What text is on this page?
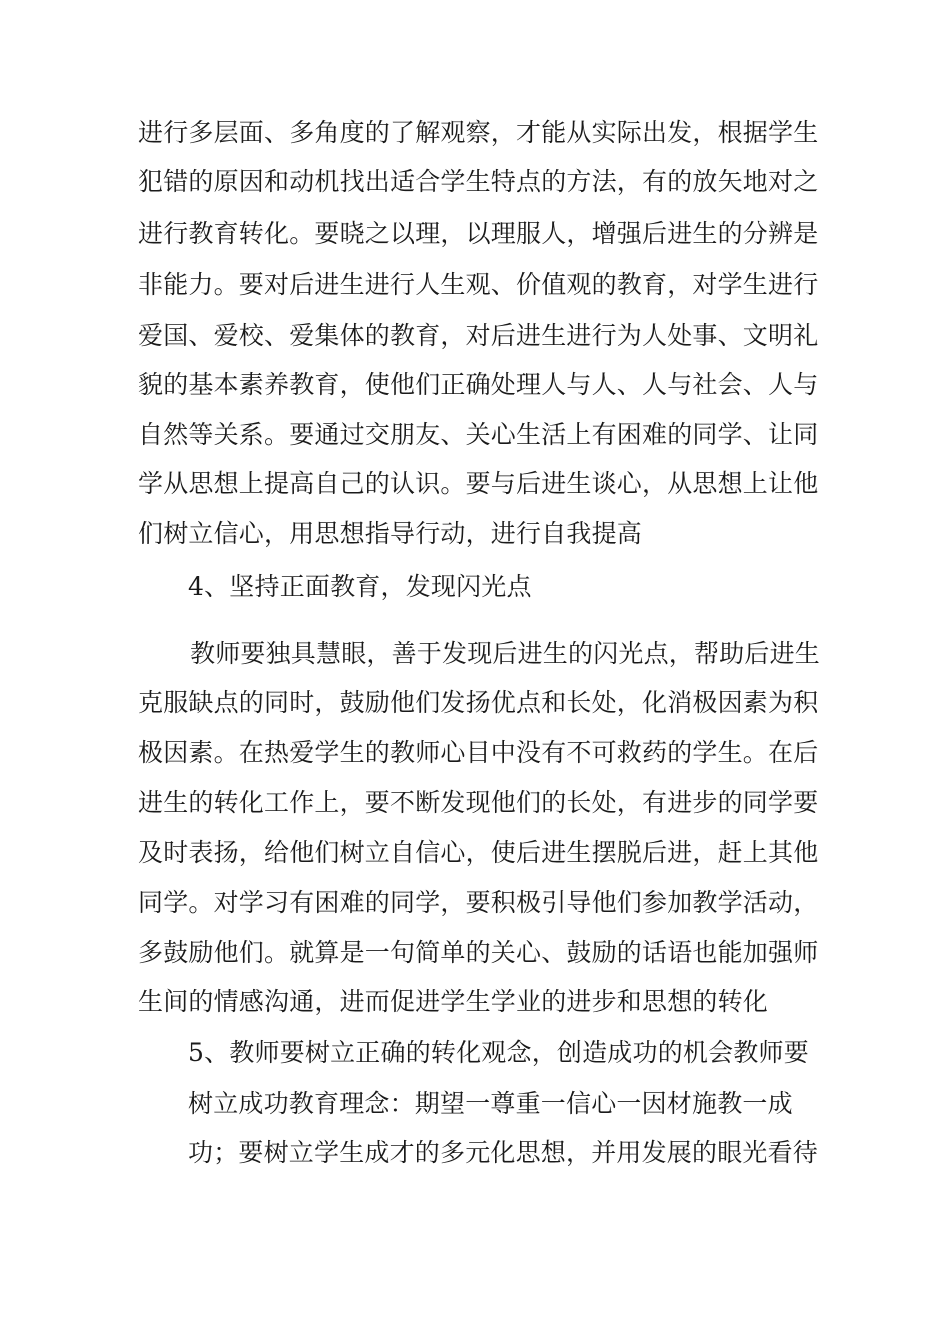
进行多层面、多角度的了解观察，才能从实际出发，根据学生
犯错的原因和动机找出适合学生特点的方法，有的放矢地对之
进行教育转化。要晓之以理，以理服人，增强后进生的分辨是
非能力。要对后进生进行人生观、价值观的教育，对学生进行
爱国、爱校、爱集体的教育，对后进生进行为人处事、文明礼
貌的基本素养教育，使他们正确处理人与人、人与社会、人与
自然等关系。要通过交朋友、关心生活上有困难的同学、让同
学从思想上提高自己的认识。要与后进生谈心，从思想上让他
们树立信心，用思想指导行动，进行自我提高
4、坚持正面教育，发现闪光点
教师要独具慧眼，善于发现后进生的闪光点，帮助后进生
克服缺点的同时，鼓励他们发扬优点和长处，化消极因素为积
极因素。在热爱学生的教师心目中没有不可救药的学生。在后
进生的转化工作上，要不断发现他们的长处，有进步的同学要
及时表扬，给他们树立自信心，使后进生摆脱后进，赶上其他
同学。对学习有困难的同学，要积极引导他们参加教学活动，
多鼓励他们。就算是一句简单的关心、鼓励的话语也能加强师
生间的情感沟通，进而促进学生学业的进步和思想的转化
5、教师要树立正确的转化观念，创造成功的机会教师要
树立成功教育理念：期望一尊重一信心一因材施教一成
功；要树立学生成才的多元化思想，并用发展的眼光看待
